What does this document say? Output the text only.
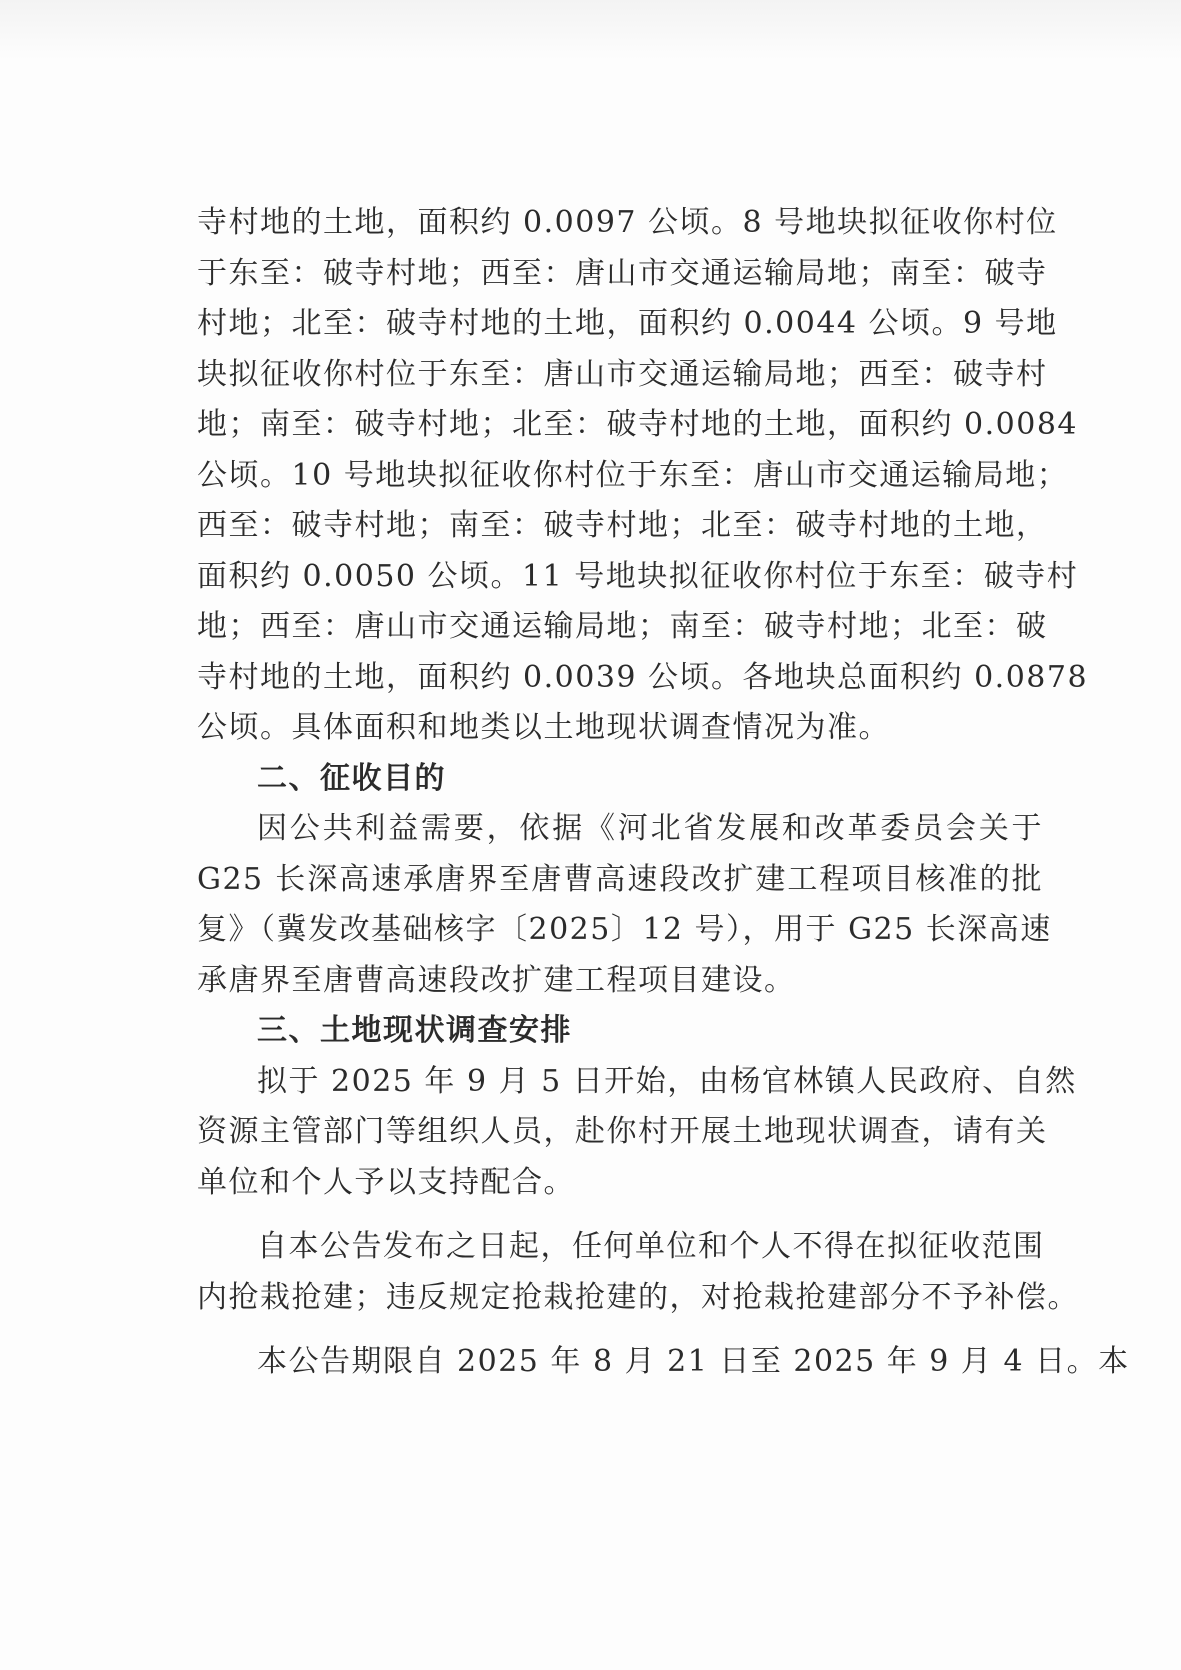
寺村地的土地，面积约 0.0097 公顷。8 号地块拟征收你村位
于东至：破寺村地；西至：唐山市交通运输局地；南至：破寺
村地；北至：破寺村地的土地，面积约 0.0044 公顷。9 号地
块拟征收你村位于东至：唐山市交通运输局地；西至：破寺村
地；南至：破寺村地；北至：破寺村地的土地，面积约 0.0084
公顷。10 号地块拟征收你村位于东至：唐山市交通运输局地；
西至：破寺村地；南至：破寺村地；北至：破寺村地的土地，
面积约 0.0050 公顷。11 号地块拟征收你村位于东至：破寺村
地；西至：唐山市交通运输局地；南至：破寺村地；北至：破
寺村地的土地，面积约 0.0039 公顷。各地块总面积约 0.0878
公顷。具体面积和地类以土地现状调查情况为准。
二、征收目的
因公共利益需要，依据《河北省发展和改革委员会关于
G25 长深高速承唐界至唐曹高速段改扩建工程项目核准的批
复》（冀发改基础核字〔2025〕12 号），用于 G25 长深高速
承唐界至唐曹高速段改扩建工程项目建设。
三、土地现状调查安排
拟于 2025 年 9 月 5 日开始，由杨官林镇人民政府、自然
资源主管部门等组织人员，赴你村开展土地现状调查，请有关
单位和个人予以支持配合。
自本公告发布之日起，任何单位和个人不得在拟征收范围
内抢栽抢建；违反规定抢栽抢建的，对抢栽抢建部分不予补偿。
本公告期限自 2025 年 8 月 21 日至 2025 年 9 月 4 日。本
